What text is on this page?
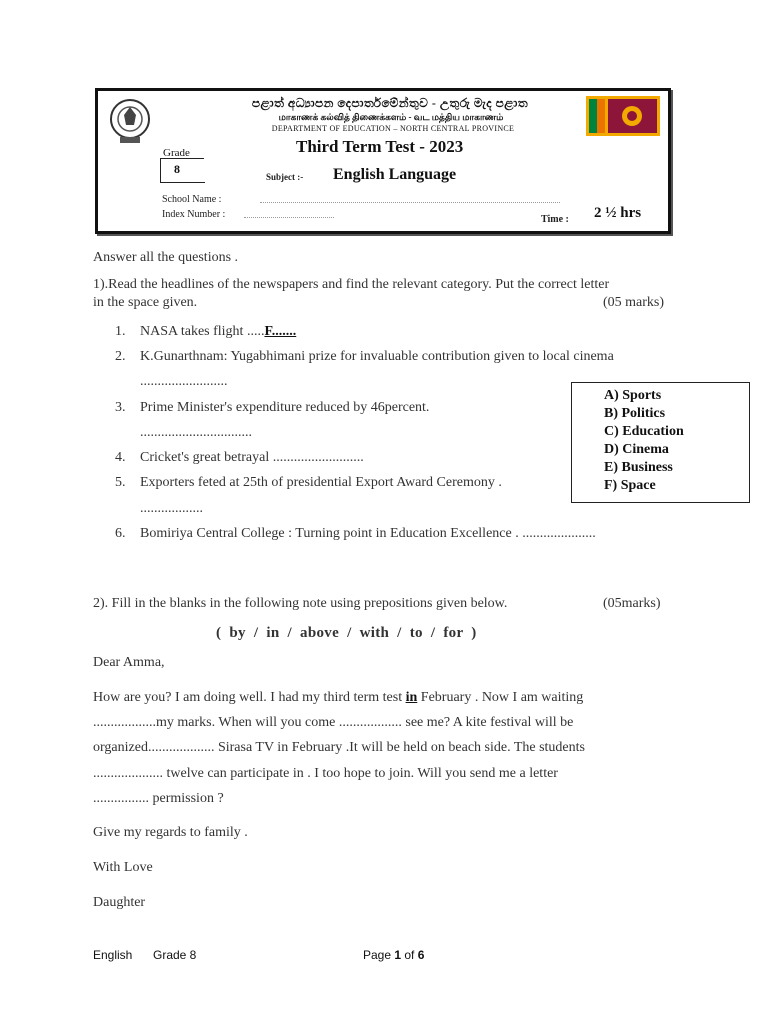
පළාත් අධ්‍යාපන දෙපාර්තමේන්තුව - උතුරු මැද පළාත
மாகாணக் கல்வித் திணைக்களம் - வட மத்திய மாகாணம்
DEPARTMENT OF EDUCATION – NORTH CENTRAL PROVINCE
Third Term Test - 2023
Grade
8
Subject :- English Language
School Name :
Index Number :	Time : 2 ½ hrs
Answer all the questions .
1).Read the headlines of the newspapers and find the relevant category. Put the correct letter
in the space given.	(05 marks)
1. NASA takes flight .....F.......
2. K.Gunarthnam: Yugabhimani prize for invaluable contribution given to local cinema
.........................
3. Prime Minister's expenditure reduced by 46percent.
................................
4. Cricket's great betrayal ..........................
5. Exporters feted at 25th of presidential Export Award Ceremony .
..................
6. Bomiriya Central College : Turning point in Education Excellence . .....................
A) Sports
B) Politics
C) Education
D) Cinema
E) Business
F) Space
2). Fill in the blanks in the following note using prepositions given below.	(05marks)
( by / in / above / with / to / for )
Dear Amma,
How are you? I am doing well. I had my third term test in February . Now I am waiting
..................my marks. When will you come .................. see me? A kite festival will be
organized................... Sirasa TV in February .It will be held on beach side. The students
.................... twelve can participate in . I too hope to join. Will you send me a letter
................ permission ?
Give my regards to family .
With Love
Daughter
English Grade 8	Page 1 of 6
